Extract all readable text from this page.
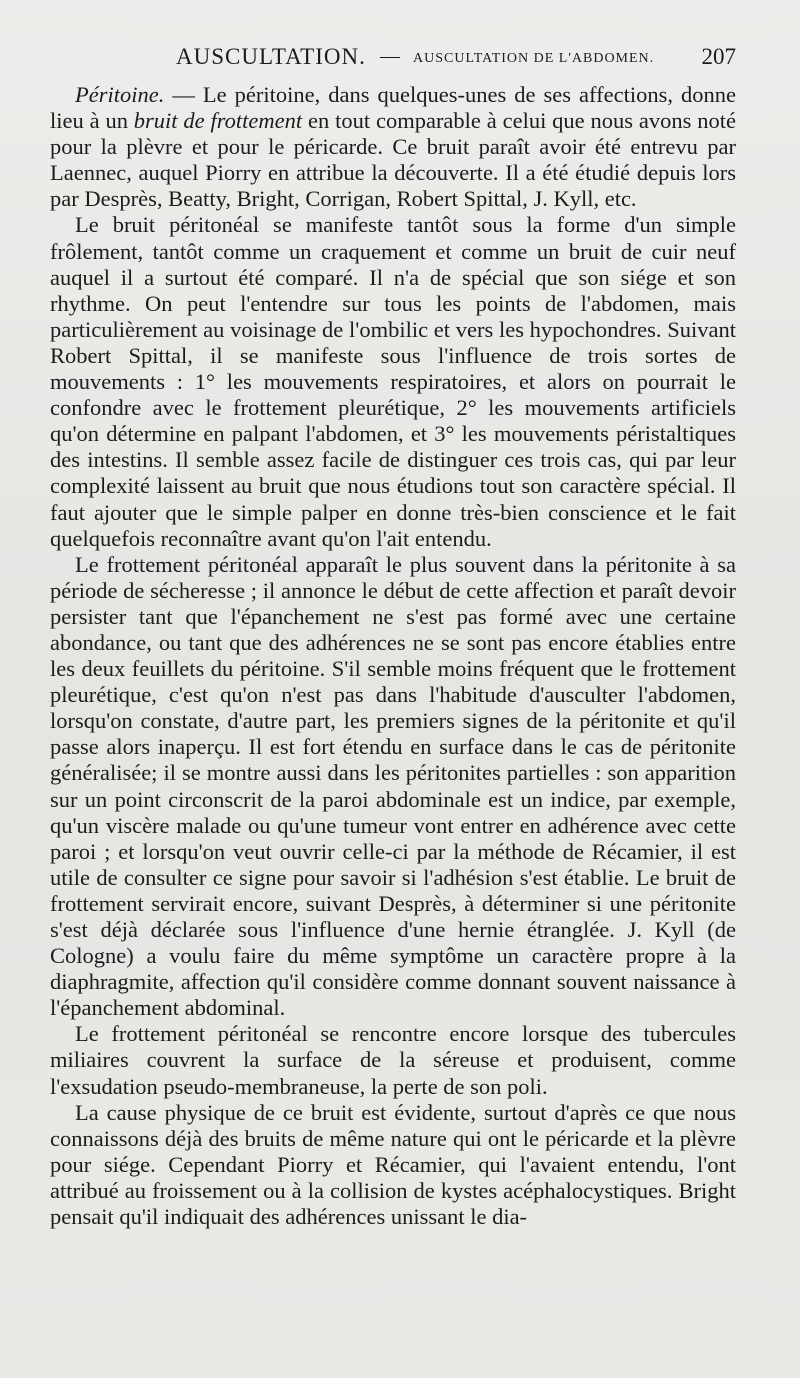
AUSCULTATION. — AUSCULTATION DE L'ABDOMEN. 207

Péritoine. — Le péritoine, dans quelques-unes de ses affections, donne lieu à un bruit de frottement en tout comparable à celui que nous avons noté pour la plèvre et pour le péricarde. Ce bruit paraît avoir été entrevu par Laennec, auquel Piorry en attribue la découverte. Il a été étudié depuis lors par Desprès, Beatty, Bright, Corrigan, Robert Spittal, J. Kyll, etc.

Le bruit péritonéal se manifeste tantôt sous la forme d'un simple frôlement, tantôt comme un craquement et comme un bruit de cuir neuf auquel il a surtout été comparé. Il n'a de spécial que son siége et son rhythme. On peut l'entendre sur tous les points de l'abdomen, mais particulièrement au voisinage de l'ombilic et vers les hypochondres. Suivant Robert Spittal, il se manifeste sous l'influence de trois sortes de mouvements : 1° les mouvements respiratoires, et alors on pourrait le confondre avec le frottement pleurétique, 2° les mouvements artificiels qu'on détermine en palpant l'abdomen, et 3° les mouvements péristaltiques des intestins. Il semble assez facile de distinguer ces trois cas, qui par leur complexité laissent au bruit que nous étudions tout son caractère spécial. Il faut ajouter que le simple palper en donne très-bien conscience et le fait quelquefois reconnaître avant qu'on l'ait entendu.

Le frottement péritonéal apparaît le plus souvent dans la péritonite à sa période de sécheresse ; il annonce le début de cette affection et paraît devoir persister tant que l'épanchement ne s'est pas formé avec une certaine abondance, ou tant que des adhérences ne se sont pas encore établies entre les deux feuillets du péritoine. S'il semble moins fréquent que le frottement pleurétique, c'est qu'on n'est pas dans l'habitude d'ausculter l'abdomen, lorsqu'on constate, d'autre part, les premiers signes de la péritonite et qu'il passe alors inaperçu. Il est fort étendu en surface dans le cas de péritonite généralisée; il se montre aussi dans les péritonites partielles : son apparition sur un point circonscrit de la paroi abdominale est un indice, par exemple, qu'un viscère malade ou qu'une tumeur vont entrer en adhérence avec cette paroi ; et lorsqu'on veut ouvrir celle-ci par la méthode de Récamier, il est utile de consulter ce signe pour savoir si l'adhésion s'est établie. Le bruit de frottement servirait encore, suivant Desprès, à déterminer si une péritonite s'est déjà déclarée sous l'influence d'une hernie étranglée. J. Kyll (de Cologne) a voulu faire du même symptôme un caractère propre à la diaphragmite, affection qu'il considère comme donnant souvent naissance à l'épanchement abdominal.

Le frottement péritonéal se rencontre encore lorsque des tubercules miliaires couvrent la surface de la séreuse et produisent, comme l'exsudation pseudo-membraneuse, la perte de son poli.

La cause physique de ce bruit est évidente, surtout d'après ce que nous connaissons déjà des bruits de même nature qui ont le péricarde et la plèvre pour siége. Cependant Piorry et Récamier, qui l'avaient entendu, l'ont attribué au froissement ou à la collision de kystes acéphalocystiques. Bright pensait qu'il indiquait des adhérences unissant le dia-
